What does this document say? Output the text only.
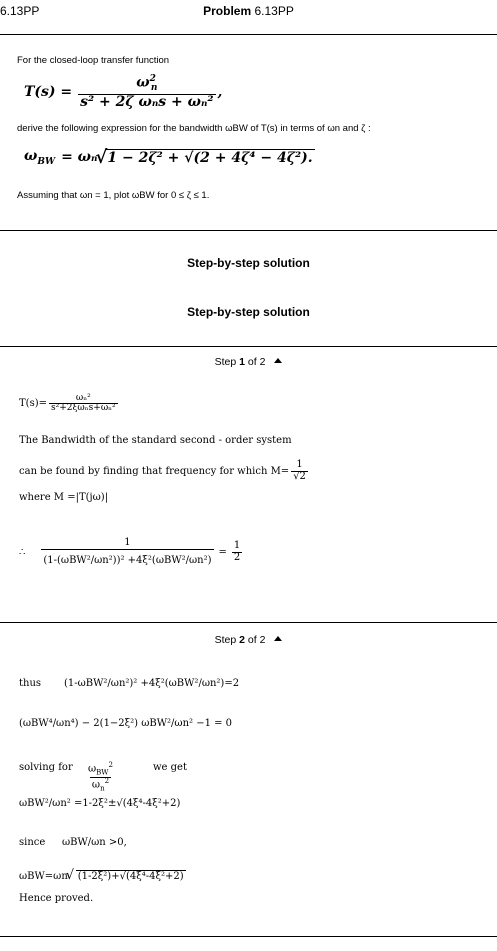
6.13PP	Problem 6.13PP
For the closed-loop transfer function
$T(s) = \frac{\omega^2_n}{\text{s² + 2ζ ωₙs + ωₙ²}}$ ,
derive the following expression for the bandwidth ωBW of T(s) in terms of ωn and ζ :
$\omega_{BW} = \omega_n$ √ 1 − 2ζ² + √(2 + 4ζ⁴ − 4ζ²).
Assuming that ωn = 1, plot ωBW for 0 ≤ ζ ≤ 1.
Step-by-step solution
Step-by-step solution
Step 1 of 2
$T(s)= \frac{\text{ωₙ²}}{\text{s²+2ξωₙs+ωₙ²}}$
The Bandwidth of the standard second - order system
can be found by finding that frequency for which $M= \frac{1}{√2}$
where M =|T(jω)|
∴ $\frac{1}{\text{(1-(ωBW²/ωn²))² +4ξ²(ωBW²/ωn²)}} = \frac{1}{2}$
Step 2 of 2
thus (1-ωBW²/ωn²)² +4ξ²(ωBW²/ωn²)=2
(ωBW⁴/ωn⁴) − 2(1−2ξ²) ωBW²/ωn² −1 = 0
solving for $\frac{\omega_{BW}^2}{\omega_n^2}$	we get
ωBW²/ωn² =1-2ξ²±√(4ξ⁴-4ξ²+2)
since ωBW/ωn >0,
ωBW=ωn √ (1-2ξ²)+√(4ξ⁴-4ξ²+2)
Hence proved.
